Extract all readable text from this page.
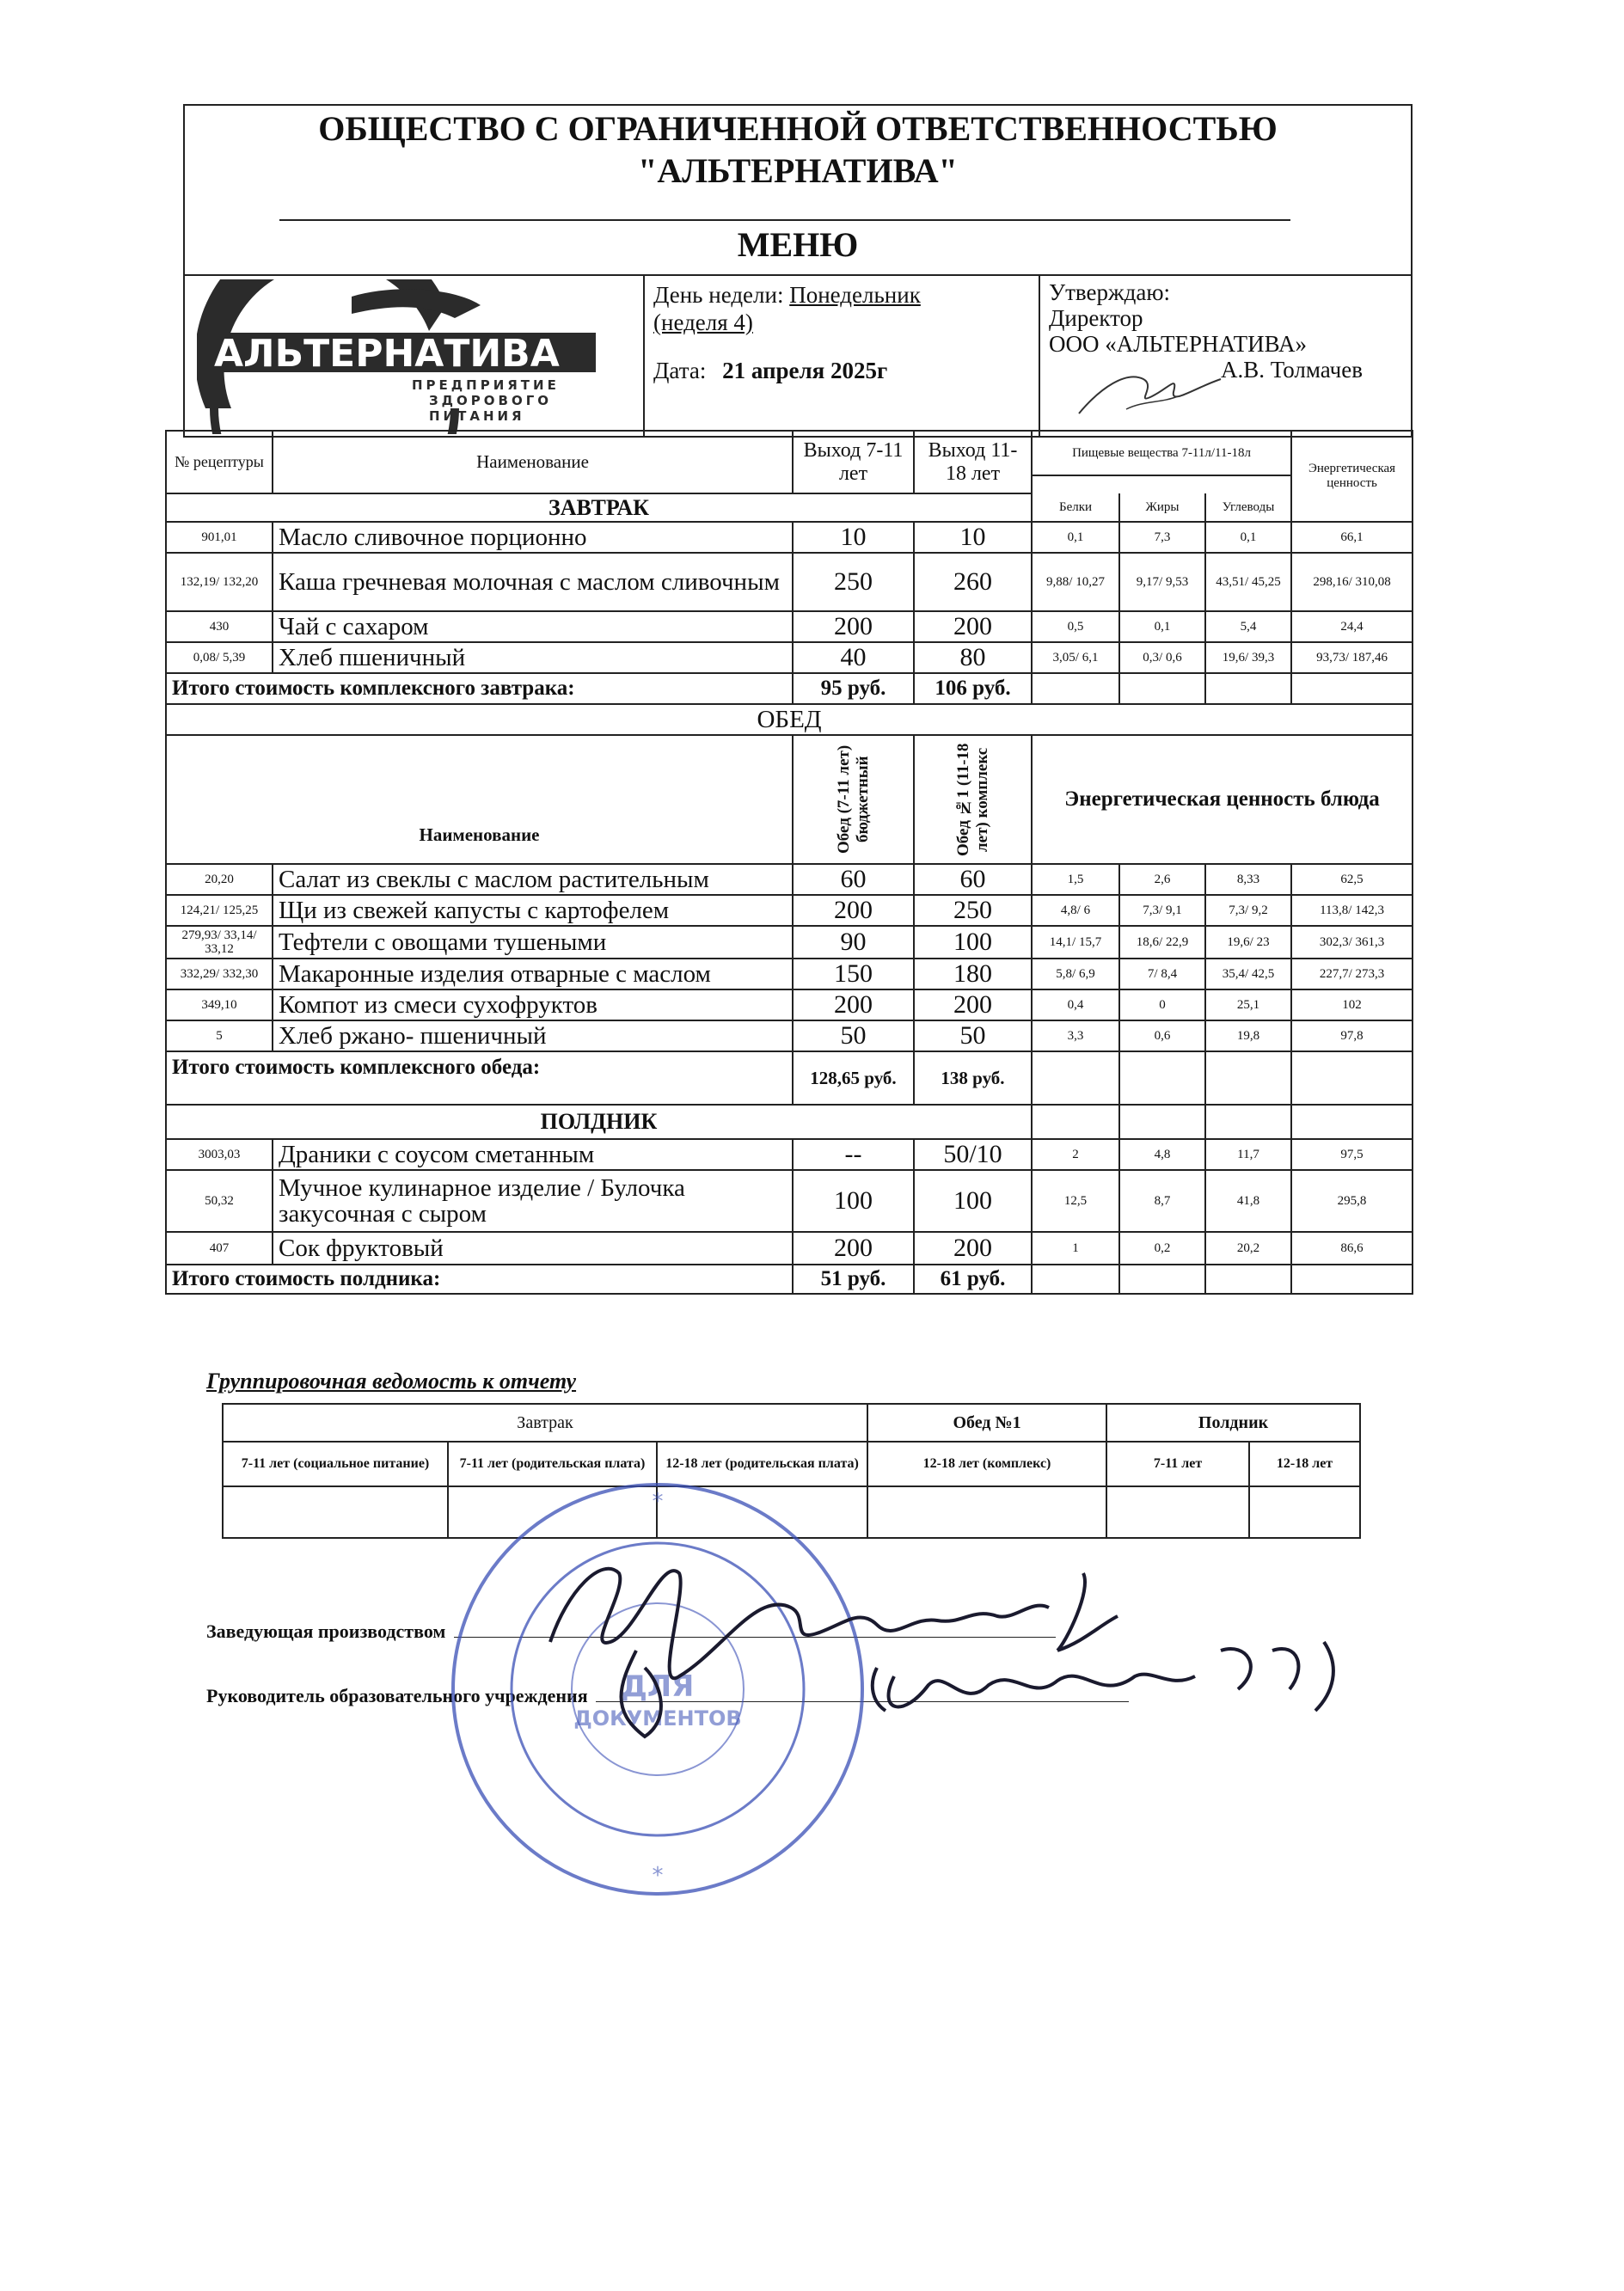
ОБЩЕСТВО С ОГРАНИЧЕННОЙ ОТВЕТСТВЕННОСТЬЮ
"АЛЬТЕРНАТИВА"
МЕНЮ
АЛЬТЕРНАТИВА
ПРЕДПРИЯТИЕ
ЗДОРОВОГО
ПИТАНИЯ
День недели: Понедельник
(неделя 4)
Дата: 21 апреля 2025г
Утверждаю:
Директор
ООО «АЛЬТЕРНАТИВА»
А.В. Толмачев
№ рецептуры	Наименование	Выход 7-11 лет	Выход 11-18 лет	Пищевые вещества 7-11л/11-18л			Энергетическая ценность

ЗАВТРАК				Белки	Жиры	Углеводы	
901,01	Масло сливочное порционно	10	10	0,1	7,3	0,1	66,1
132,19/ 132,20	Каша гречневая молочная с маслом сливочным	250	260	9,88/ 10,27	9,17/ 9,53	43,51/ 45,25	298,16/ 310,08
430	Чай с сахаром	200	200	0,5	0,1	5,4	24,4
0,08/ 5,39	Хлеб пшеничный	40	80	3,05/ 6,1	0,3/ 0,6	19,6/ 39,3	93,73/ 187,46
Итого стоимость комплексного завтрака:		95 руб.	106 руб.				
ОБЕД							
Наименование		Обед (7-11 лет) бюджетный	Обед №1 (11-18 лет) комплекс	Энергетическая ценность блюда			
20,20	Салат из свеклы с маслом растительным	60	60	1,5	2,6	8,33	62,5
124,21/ 125,25	Щи из свежей капусты с картофелем	200	250	4,8/ 6	7,3/ 9,1	7,3/ 9,2	113,8/ 142,3
279,93/ 33,14/ 33,12	Тефтели с овощами тушеными	90	100	14,1/ 15,7	18,6/ 22,9	19,6/ 23	302,3/ 361,3
332,29/ 332,30	Макаронные изделия отварные с маслом	150	180	5,8/ 6,9	7/ 8,4	35,4/ 42,5	227,7/ 273,3
349,10	Компот из смеси сухофруктов	200	200	0,4	0	25,1	102
5	Хлеб ржано- пшеничный	50	50	3,3	0,6	19,8	97,8
Итого стоимость комплексного обеда:		128,65 руб.	138 руб.				
ПОЛДНИК							
3003,03	Драники с соусом сметанным	--	50/10	2	4,8	11,7	97,5
50,32	Мучное кулинарное изделие / Булочка закусочная с сыром	100	100	12,5	8,7	41,8	295,8
407	Сок фруктовый	200	200	1	0,2	20,2	86,6
Итого стоимость полдника:		51 руб.	61 руб.				
Группировочная ведомость к отчету
Завтрак			Обед №1	Полдник	
7-11 лет (социальное питание)	7-11 лет (родительская плата)	12-18 лет (родительская плата)	12-18 лет (комплекс)	7-11 лет	12-18 лет

Заведующая производством
Руководитель образовательного учреждения	ДЛЯ
ДОКУМЕНТОВ
*
*
